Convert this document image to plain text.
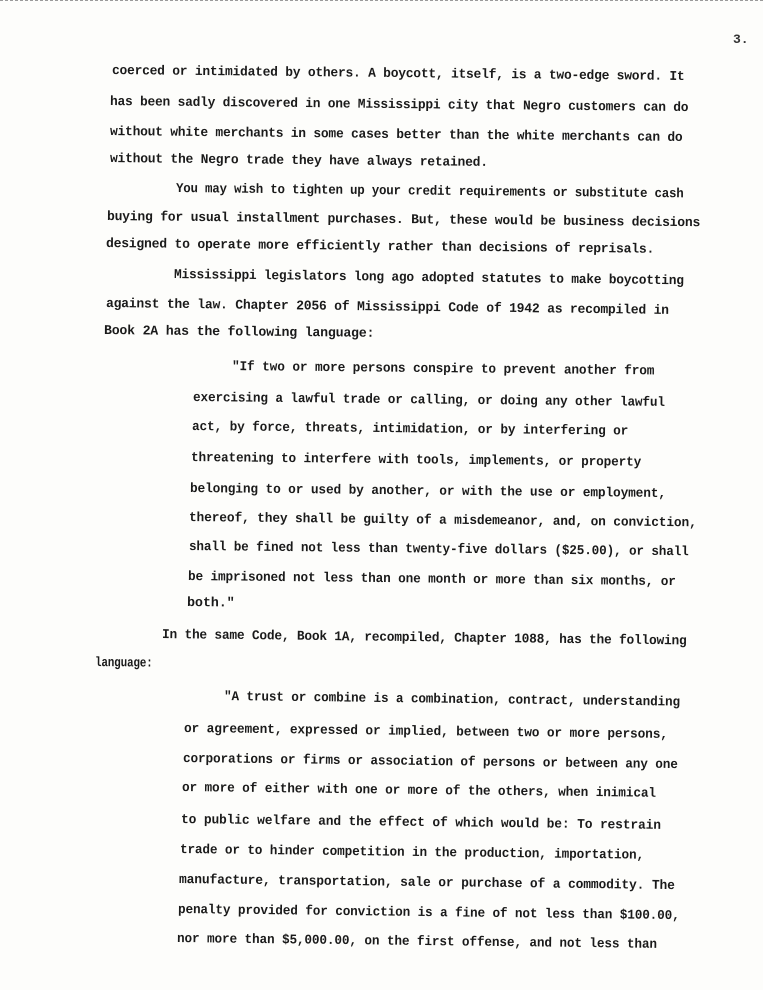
3.
coerced or intimidated by others. A boycott, itself, is a two-edge sword. It
has been sadly discovered in one Mississippi city that Negro customers can do
without white merchants in some cases better than the white merchants can do
without the Negro trade they have always retained.
You may wish to tighten up your credit requirements or substitute cash
buying for usual installment purchases. But, these would be business decisions
designed to operate more efficiently rather than decisions of reprisals.
Mississippi legislators long ago adopted statutes to make boycotting
against the law. Chapter 2056 of Mississippi Code of 1942 as recompiled in
Book 2A has the following language:
"If two or more persons conspire to prevent another from
exercising a lawful trade or calling, or doing any other lawful
act, by force, threats, intimidation, or by interfering or
threatening to interfere with tools, implements, or property
belonging to or used by another, or with the use or employment,
thereof, they shall be guilty of a misdemeanor, and, on conviction,
shall be fined not less than twenty-five dollars ($25.00), or shall
be imprisoned not less than one month or more than six months, or
both."
In the same Code, Book 1A, recompiled, Chapter 1088, has the following
language:
"A trust or combine is a combination, contract, understanding
or agreement, expressed or implied, between two or more persons,
corporations or firms or association of persons or between any one
or more of either with one or more of the others, when inimical
to public welfare and the effect of which would be: To restrain
trade or to hinder competition in the production, importation,
manufacture, transportation, sale or purchase of a commodity. The
penalty provided for conviction is a fine of not less than $100.00,
nor more than $5,000.00, on the first offense, and not less than
